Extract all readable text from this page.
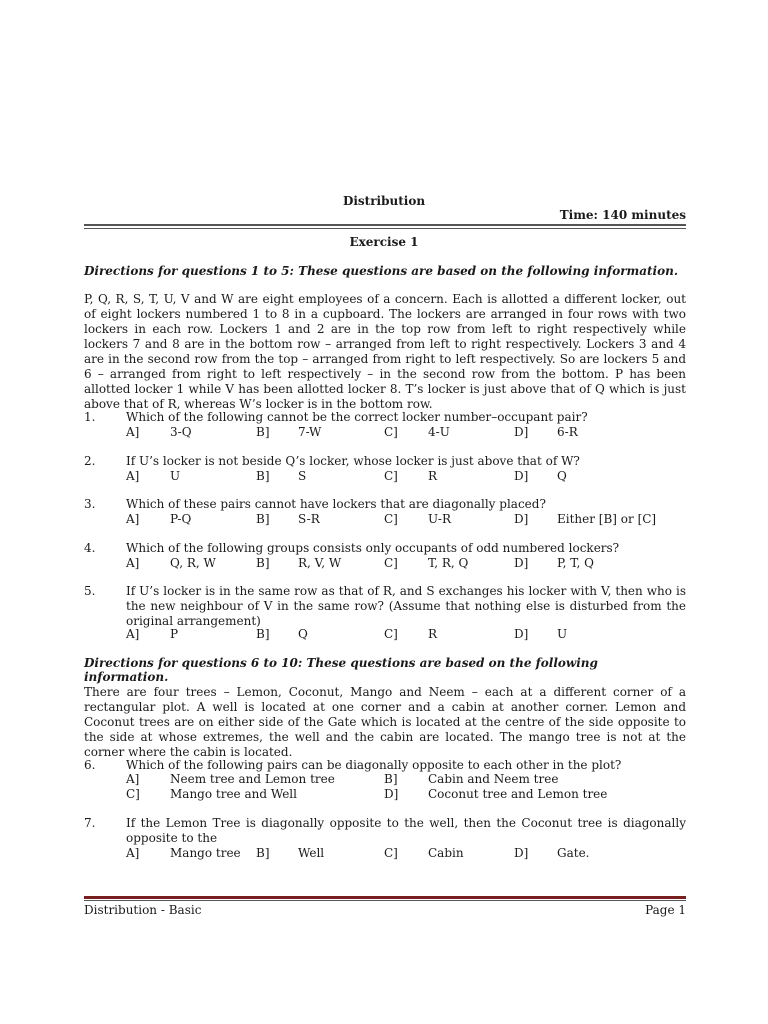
Distribution
Time: 140 minutes
Exercise 1
Directions for questions 1 to 5: These questions are based on the following information.
P, Q, R, S, T, U, V and W are eight employees of a concern. Each is allotted a different locker, out of eight lockers numbered 1 to 8 in a cupboard. The lockers are arranged in four rows with two lockers in each row. Lockers 1 and 2 are in the top row from left to right respectively while lockers 7 and 8 are in the bottom row – arranged from left to right respectively. Lockers 3 and 4 are in the second row from the top – arranged from right to left respectively. So are lockers 5 and 6 – arranged from right to left respectively – in the second row from the bottom. P has been allotted locker 1 while V has been allotted locker 8. T’s locker is just above that of Q which is just above that of R, whereas W’s locker is in the bottom row.
1.	Which of the following cannot be the correct locker number–occupant pair?
A]	3-Q	B] 7-W	C]	4-U	D] 6-R
2.	If U’s locker is not beside Q’s locker, whose locker is just above that of W?
A]	U	B] S	C]	R	D] Q
3.	Which of these pairs cannot have lockers that are diagonally placed?
A]	P-Q	B] S-R	C]	U-R	D] Either [B] or [C]
4.	Which of the following groups consists only occupants of odd numbered lockers?
A]	Q, R, W	B] R, V, W	C]	T, R, Q	D] P, T, Q
5.	If U’s locker is in the same row as that of R, and S exchanges his locker with V, then who is the new neighbour of V in the same row? (Assume that nothing else is disturbed from the original arrangement)
A]	P	B] Q	C]	R	D] U
Directions for questions 6 to 10: These questions are based on the following information.
There are four trees – Lemon, Coconut, Mango and Neem – each at a different corner of a rectangular plot. A well is located at one corner and a cabin at another corner. Lemon and Coconut trees are on either side of the Gate which is located at the centre of the side opposite to the side at whose extremes, the well and the cabin are located. The mango tree is not at the corner where the cabin is located.
6.	Which of the following pairs can be diagonally opposite to each other in the plot?
A]	Neem tree and Lemon tree	B]	Cabin and Neem tree
C]	Mango tree and Well	D] Coconut tree and Lemon tree
7.	If the Lemon Tree is diagonally opposite to the well, then the Coconut tree is diagonally opposite to the
A]	Mango tree B] Well	C]	Cabin	D] Gate.
Distribution - Basic	Page 1
